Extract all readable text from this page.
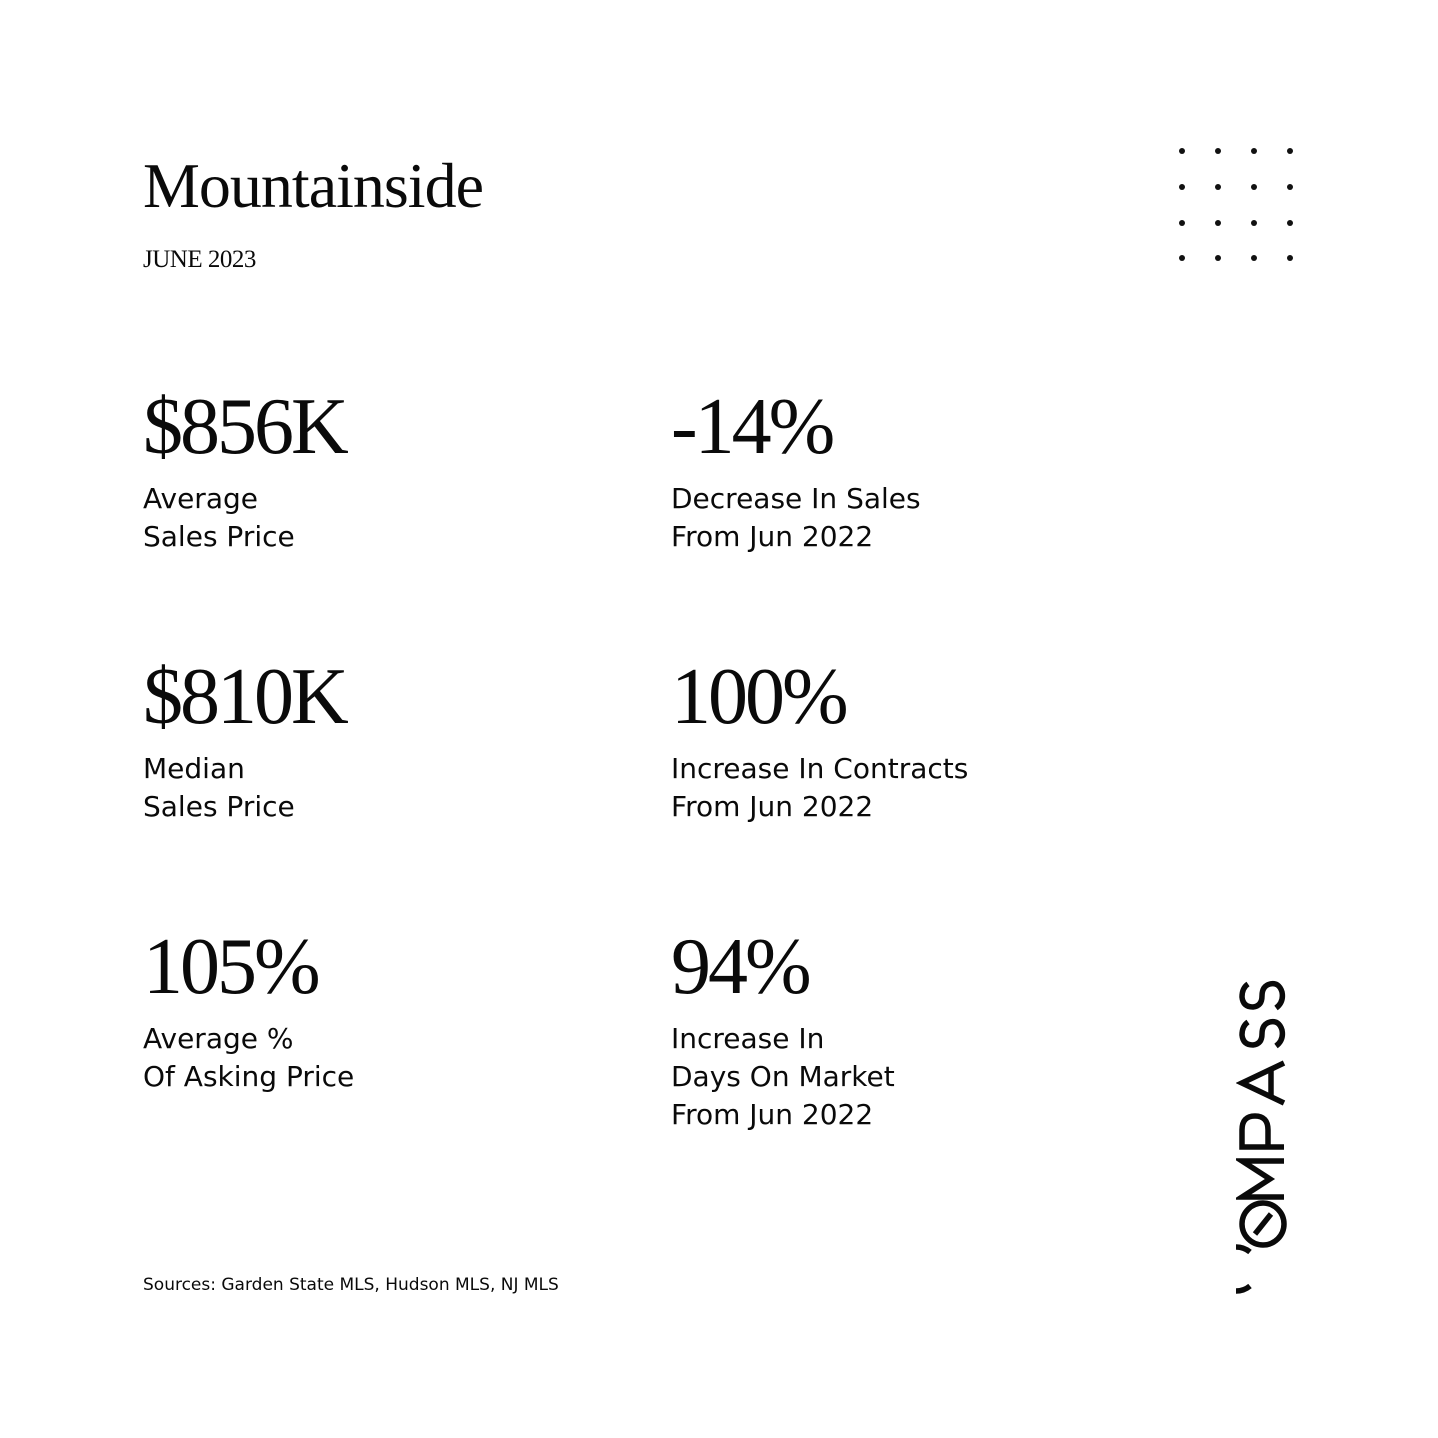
Mountainside
JUNE 2023
$856K
Average
Sales Price
-14%
Decrease In Sales
From Jun 2022
$810K
Median
Sales Price
100%
Increase In Contracts
From Jun 2022
105%
Average %
Of Asking Price
94%
Increase In
Days On Market
From Jun 2022
Sources: Garden State MLS, Hudson MLS, NJ MLS
